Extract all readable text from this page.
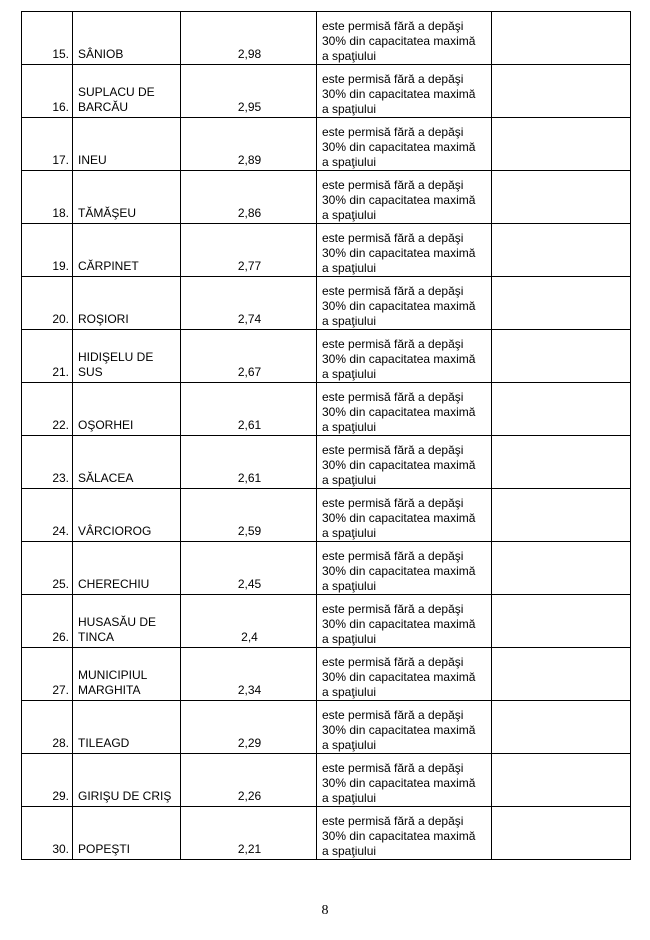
15.	SÂNIOB	2,98	este permisă fără a depăşi
30% din capacitatea maximă
a spaţiului	

16.	SUPLACU DE
BARCĂU	2,95	este permisă fără a depăşi
30% din capacitatea maximă
a spaţiului	

17.	INEU	2,89	este permisă fără a depăşi
30% din capacitatea maximă
a spaţiului	

18.	TĂMĂŞEU	2,86	este permisă fără a depăşi
30% din capacitatea maximă
a spaţiului	

19.	CĂRPINET	2,77	este permisă fără a depăşi
30% din capacitatea maximă
a spaţiului	

20.	ROŞIORI	2,74	este permisă fără a depăşi
30% din capacitatea maximă
a spaţiului	

21.	HIDIŞELU DE
SUS	2,67	este permisă fără a depăşi
30% din capacitatea maximă
a spaţiului	

22.	OŞORHEI	2,61	este permisă fără a depăşi
30% din capacitatea maximă
a spaţiului	

23.	SĂLACEA	2,61	este permisă fără a depăşi
30% din capacitatea maximă
a spaţiului	

24.	VÂRCIOROG	2,59	este permisă fără a depăşi
30% din capacitatea maximă
a spaţiului	

25.	CHERECHIU	2,45	este permisă fără a depăşi
30% din capacitatea maximă
a spaţiului	

26.	HUSASĂU DE
TINCA	2,4	este permisă fără a depăşi
30% din capacitatea maximă
a spaţiului	

27.	MUNICIPIUL
MARGHITA	2,34	este permisă fără a depăşi
30% din capacitatea maximă
a spaţiului	

28.	TILEAGD	2,29	este permisă fără a depăşi
30% din capacitatea maximă
a spaţiului	

29.	GIRIŞU DE CRIŞ	2,26	este permisă fără a depăşi
30% din capacitatea maximă
a spaţiului	

30.	POPEŞTI	2,21	este permisă fără a depăşi
30% din capacitatea maximă
a spaţiului	

8
